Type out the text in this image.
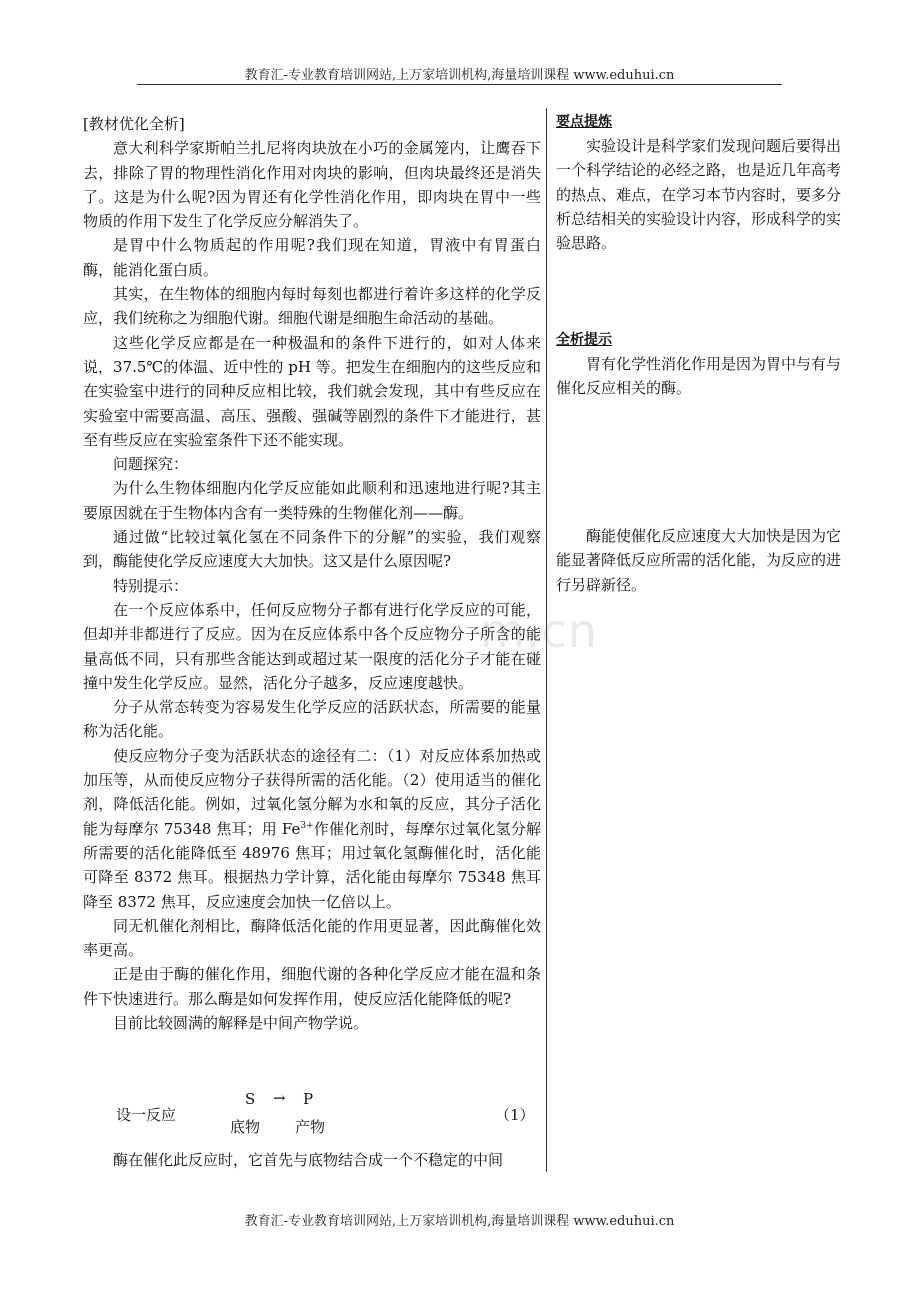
教育汇-专业教育培训网站,上万家培训机构,海量培训课程 www.eduhui.cn
m.cn

[教材优化全析]

意大利科学家斯帕兰扎尼将肉块放在小巧的金属笼内，让鹰吞下去，排除了胃的物理性消化作用对肉块的影响，但肉块最终还是消失了。这是为什么呢?因为胃还有化学性消化作用，即肉块在胃中一些物质的作用下发生了化学反应分解消失了。

是胃中什么物质起的作用呢?我们现在知道，胃液中有胃蛋白酶，能消化蛋白质。

其实，在生物体的细胞内每时每刻也都进行着许多这样的化学反应，我们统称之为细胞代谢。细胞代谢是细胞生命活动的基础。

这些化学反应都是在一种极温和的条件下进行的，如对人体来说，37.5℃的体温、近中性的 pH 等。把发生在细胞内的这些反应和在实验室中进行的同种反应相比较，我们就会发现，其中有些反应在实验室中需要高温、高压、强酸、强碱等剧烈的条件下才能进行，甚至有些反应在实验室条件下还不能实现。

问题探究：

为什么生物体细胞内化学反应能如此顺利和迅速地进行呢?其主要原因就在于生物体内含有一类特殊的生物催化剂——酶。

通过做“比较过氧化氢在不同条件下的分解”的实验，我们观察到，酶能使化学反应速度大大加快。这又是什么原因呢?

特别提示：

在一个反应体系中，任何反应物分子都有进行化学反应的可能，但却并非都进行了反应。因为在反应体系中各个反应物分子所含的能量高低不同，只有那些含能达到或超过某一限度的活化分子才能在碰撞中发生化学反应。显然，活化分子越多，反应速度越快。

分子从常态转变为容易发生化学反应的活跃状态，所需要的能量称为活化能。

使反应物分子变为活跃状态的途径有二：（1）对反应体系加热或加压等，从而使反应物分子获得所需的活化能。（2）使用适当的催化剂，降低活化能。例如，过氧化氢分解为水和氧的反应，其分子活化能为每摩尔 75348 焦耳；用 $Fe^{3+}$作催化剂时，每摩尔过氧化氢分解所需要的活化能降低至 48976 焦耳；用过氧化氢酶催化时，活化能可降至 8372 焦耳。根据热力学计算，活化能由每摩尔 75348 焦耳降至 8372 焦耳，反应速度会加快一亿倍以上。

同无机催化剂相比，酶降低活化能的作用更显著，因此酶催化效率更高。

正是由于酶的催化作用，细胞代谢的各种化学反应才能在温和条件下快速进行。那么酶是如何发挥作用，使反应活化能降低的呢?

目前比较圆满的解释是中间产物学说。

设一反应
S → P
底物 产物
（1）

酶在催化此反应时，它首先与底物结合成一个不稳定的中间

要点提炼

实验设计是科学家们发现问题后要得出一个科学结论的必经之路，也是近几年高考的热点、难点，在学习本节内容时，要多分析总结相关的实验设计内容，形成科学的实验思路。

全析提示

胃有化学性消化作用是因为胃中与有与催化反应相关的酶。

酶能使催化反应速度大大加快是因为它能显著降低反应所需的活化能，为反应的进行另辟新径。

教育汇-专业教育培训网站,上万家培训机构,海量培训课程 www.eduhui.cn
